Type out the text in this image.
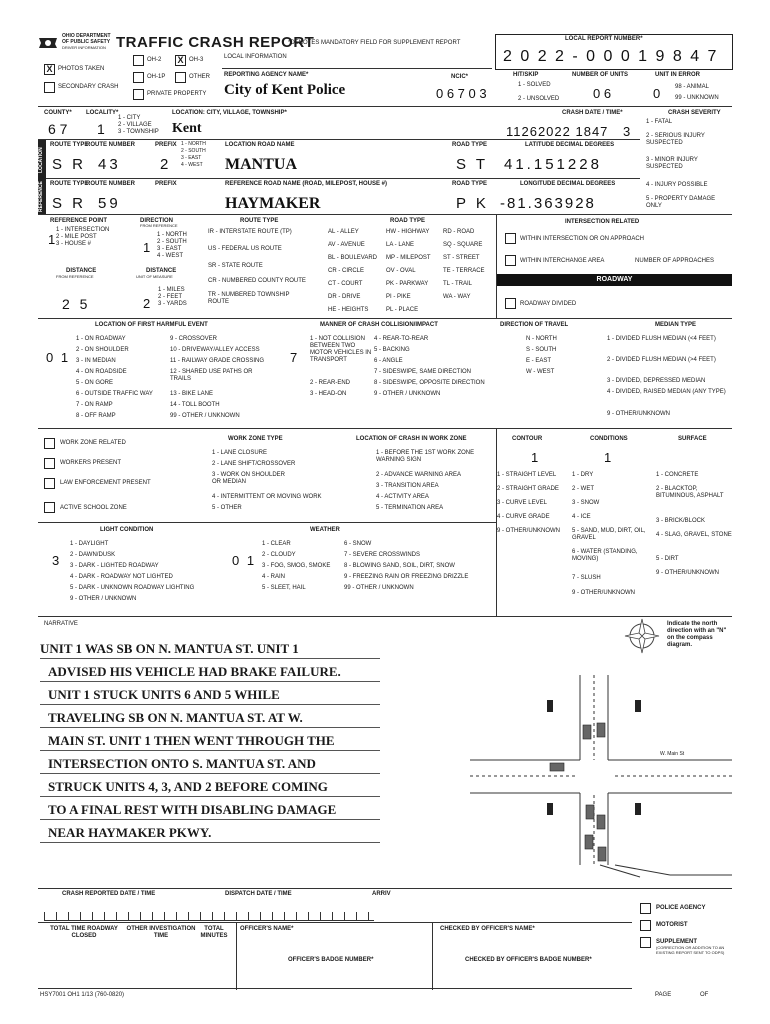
OHIO DEPARTMENT
OF PUBLIC SAFETY
DRIVER INFORMATION TRAFFIC CRASH REPORT
*DENOTES MANDATORY FIELD FOR SUPPLEMENT REPORT
LOCAL REPORT NUMBER*
2 0 2 2 - 0 0 0 1 9 8 4 7
X PHOTOS TAKEN
SECONDARY CRASH
OH-2 X OH-3
OH-1P	OTHER
PRIVATE PROPERTY
LOCAL INFORMATION
REPORTING AGENCY NAME*
City of Kent Police
NCIC*
0 6 7 0 3
HIT/SKIP
1 - SOLVED
2 - UNSOLVED
NUMBER OF UNITS
0 6
UNIT IN ERROR
0 98 - ANIMAL
99 - UNKNOWN
COUNTY*
6 7
LOCALITY*
1
1 - CITY
2 - VILLAGE
3 - TOWNSHIP
LOCATION: CITY, VILLAGE, TOWNSHIP*
Kent
CRASH DATE / TIME*
11262022 1847
CRASH SEVERITY
3
1 - FATAL
2 - SERIOUS INJURY SUSPECTED
3 - MINOR INJURY SUSPECTED
4 - INJURY POSSIBLE
5 - PROPERTY DAMAGE ONLY
LOCATION
REFERENCE
ROUTE TYPE
ROUTE NUMBER	PREFIX 1 - NORTH
2 - SOUTH
3 - EAST
4 - WEST
LOCATION ROAD NAME	ROAD TYPE	LATITUDE DECIMAL DEGREES
S R 43	2	MANTUA	S T 41.151228
ROUTE TYPE
ROUTE NUMBER	PREFIX	REFERENCE ROAD NAME (ROAD, MILEPOST, HOUSE #)	ROAD TYPE	LONGITUDE DECIMAL DEGREES
S R 59	HAYMAKER	P K -81.363928
REFERENCE POINT
1 - INTERSECTION
2 - MILE POST
3 - HOUSE #
1
DIRECTION
FROM REFERENCE
1 - NORTH
2 - SOUTH
3 - EAST
4 - WEST
1
DISTANCE
FROM REFERENCE
2 5
DISTANCE
UNIT OF MEASURE
1 - MILES
2 - FEET
3 - YARDS
2
ROUTE TYPE
IR - INTERSTATE ROUTE (TP)
US - FEDERAL US ROUTE
SR - STATE ROUTE
CR - NUMBERED COUNTY ROUTE
TR - NUMBERED TOWNSHIP ROUTE
ROAD TYPE
AL - ALLEY
AV - AVENUE
BL - BOULEVARD
CR - CIRCLE
CT - COURT
DR - DRIVE
HE - HEIGHTS
HW - HIGHWAY
LA - LANE
MP - MILEPOST
OV - OVAL
PK - PARKWAY
PI - PIKE
PL - PLACE
RD - ROAD
SQ - SQUARE
ST - STREET
TE - TERRACE
TL - TRAIL
WA - WAY
INTERSECTION RELATED
WITHIN INTERSECTION OR ON APPROACH
WITHIN INTERCHANGE AREA	NUMBER OF APPROACHES
ROADWAY
ROADWAY DIVIDED
LOCATION OF FIRST HARMFUL EVENT
0 1
1 - ON ROADWAY
2 - ON SHOULDER
3 - IN MEDIAN
4 - ON ROADSIDE
5 - ON GORE
6 - OUTSIDE TRAFFIC WAY
7 - ON RAMP
8 - OFF RAMP
9 - CROSSOVER
10 - DRIVEWAY/ALLEY ACCESS
11 - RAILWAY GRADE CROSSING
12 - SHARED USE PATHS OR TRAILS
13 - BIKE LANE
14 - TOLL BOOTH
99 - OTHER / UNKNOWN
MANNER OF CRASH COLLISION/IMPACT
7
1 - NOT COLLISION BETWEEN TWO MOTOR VEHICLES IN TRANSPORT
2 - REAR-END
3 - HEAD-ON
4 - REAR-TO-REAR
5 - BACKING
6 - ANGLE
7 - SIDESWIPE, SAME DIRECTION
8 - SIDESWIPE, OPPOSITE DIRECTION
9 - OTHER / UNKNOWN
DIRECTION OF TRAVEL
N - NORTH
S - SOUTH
E - EAST
W - WEST
MEDIAN TYPE
1 - DIVIDED FLUSH MEDIAN (<4 FEET)
2 - DIVIDED FLUSH MEDIAN (>4 FEET)
3 - DIVIDED, DEPRESSED MEDIAN
4 - DIVIDED, RAISED MEDIAN (ANY TYPE)
9 - OTHER/UNKNOWN
WORK ZONE RELATED
WORKERS PRESENT
LAW ENFORCEMENT PRESENT
ACTIVE SCHOOL ZONE
WORK ZONE TYPE
1 - LANE CLOSURE
2 - LANE SHIFT/CROSSOVER
3 - WORK ON SHOULDER OR MEDIAN
4 - INTERMITTENT OR MOVING WORK
5 - OTHER
LOCATION OF CRASH IN WORK ZONE
1 - BEFORE THE 1ST WORK ZONE WARNING SIGN
2 - ADVANCE WARNING AREA
3 - TRANSITION AREA
4 - ACTIVITY AREA
5 - TERMINATION AREA
CONTOUR
1
1 - STRAIGHT LEVEL
2 - STRAIGHT GRADE
3 - CURVE LEVEL
4 - CURVE GRADE
9 - OTHER/UNKNOWN
CONDITIONS
1
1 - DRY
2 - WET
3 - SNOW
4 - ICE
5 - SAND, MUD, DIRT, OIL, GRAVEL
6 - WATER (STANDING, MOVING)
7 - SLUSH
9 - OTHER/UNKNOWN
SURFACE
1 - CONCRETE
2 - BLACKTOP, BITUMINOUS, ASPHALT
3 - BRICK/BLOCK
4 - SLAG, GRAVEL, STONE
5 - DIRT
9 - OTHER/UNKNOWN
LIGHT CONDITION
3
1 - DAYLIGHT
2 - DAWN/DUSK
3 - DARK - LIGHTED ROADWAY
4 - DARK - ROADWAY NOT LIGHTED
5 - DARK - UNKNOWN ROADWAY LIGHTING
9 - OTHER / UNKNOWN
WEATHER
0 1
1 - CLEAR
2 - CLOUDY
3 - FOG, SMOG, SMOKE
4 - RAIN
5 - SLEET, HAIL
6 - SNOW
7 - SEVERE CROSSWINDS
8 - BLOWING SAND, SOIL, DIRT, SNOW
9 - FREEZING RAIN OR FREEZING DRIZZLE
99 - OTHER / UNKNOWN
NARRATIVE
UNIT 1 WAS SB ON N. MANTUA ST. UNIT 1
ADVISED HIS VEHICLE HAD BRAKE FAILURE.
UNIT 1 STUCK UNITS 6 AND 5 WHILE
TRAVELING SB ON N. MANTUA ST. AT W.
MAIN ST. UNIT 1 THEN WENT THROUGH THE
INTERSECTION ONTO S. MANTUA ST. AND
STRUCK UNITS 4, 3, AND 2 BEFORE COMING
TO A FINAL REST WITH DISABLING DAMAGE
NEAR HAYMAKER PKWY.
Indicate the north direction with an "N" on the compass diagram.
W. Main St
CRASH REPORTED DATE / TIME	DISPATCH DATE / TIME	ARRIV
POLICE AGENCY
MOTORIST
SUPPLEMENT
(CORRECTION OR ADDITION TO AN EXISTING REPORT SENT TO ODPS)
TOTAL TIME ROADWAY CLOSED
OTHER INVESTIGATION TIME
TOTAL MINUTES
OFFICER'S NAME*	CHECKED BY OFFICER'S NAME*
OFFICER'S BADGE NUMBER*	CHECKED BY OFFICER'S BADGE NUMBER*
HSY7001 OH1 1/13 (760-0820)	PAGE	OF
